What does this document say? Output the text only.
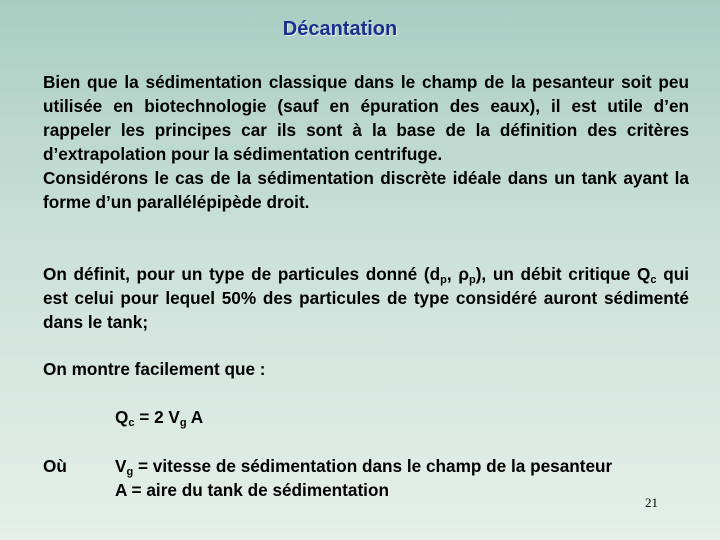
Décantation
Bien que la sédimentation classique dans le champ de la pesanteur soit peu utilisée en biotechnologie (sauf en épuration des eaux), il est utile d’en rappeler les principes car ils sont à la base de la définition des critères d’extrapolation pour la sédimentation centrifuge.
Considérons le cas de la sédimentation discrète idéale dans un tank ayant la forme d’un parallélépipède droit.
On définit, pour un type de particules donné ($d_p$, $\rho_p$), un débit critique $Q_c$ qui est celui pour lequel 50% des particules de type considéré auront sédimenté dans le tank;
On montre facilement que :
$Q_c = 2$ $V_g$ A
Où	$V_g$ = vitesse de sédimentation dans le champ de la pesanteur
A = aire du tank de sédimentation
21
